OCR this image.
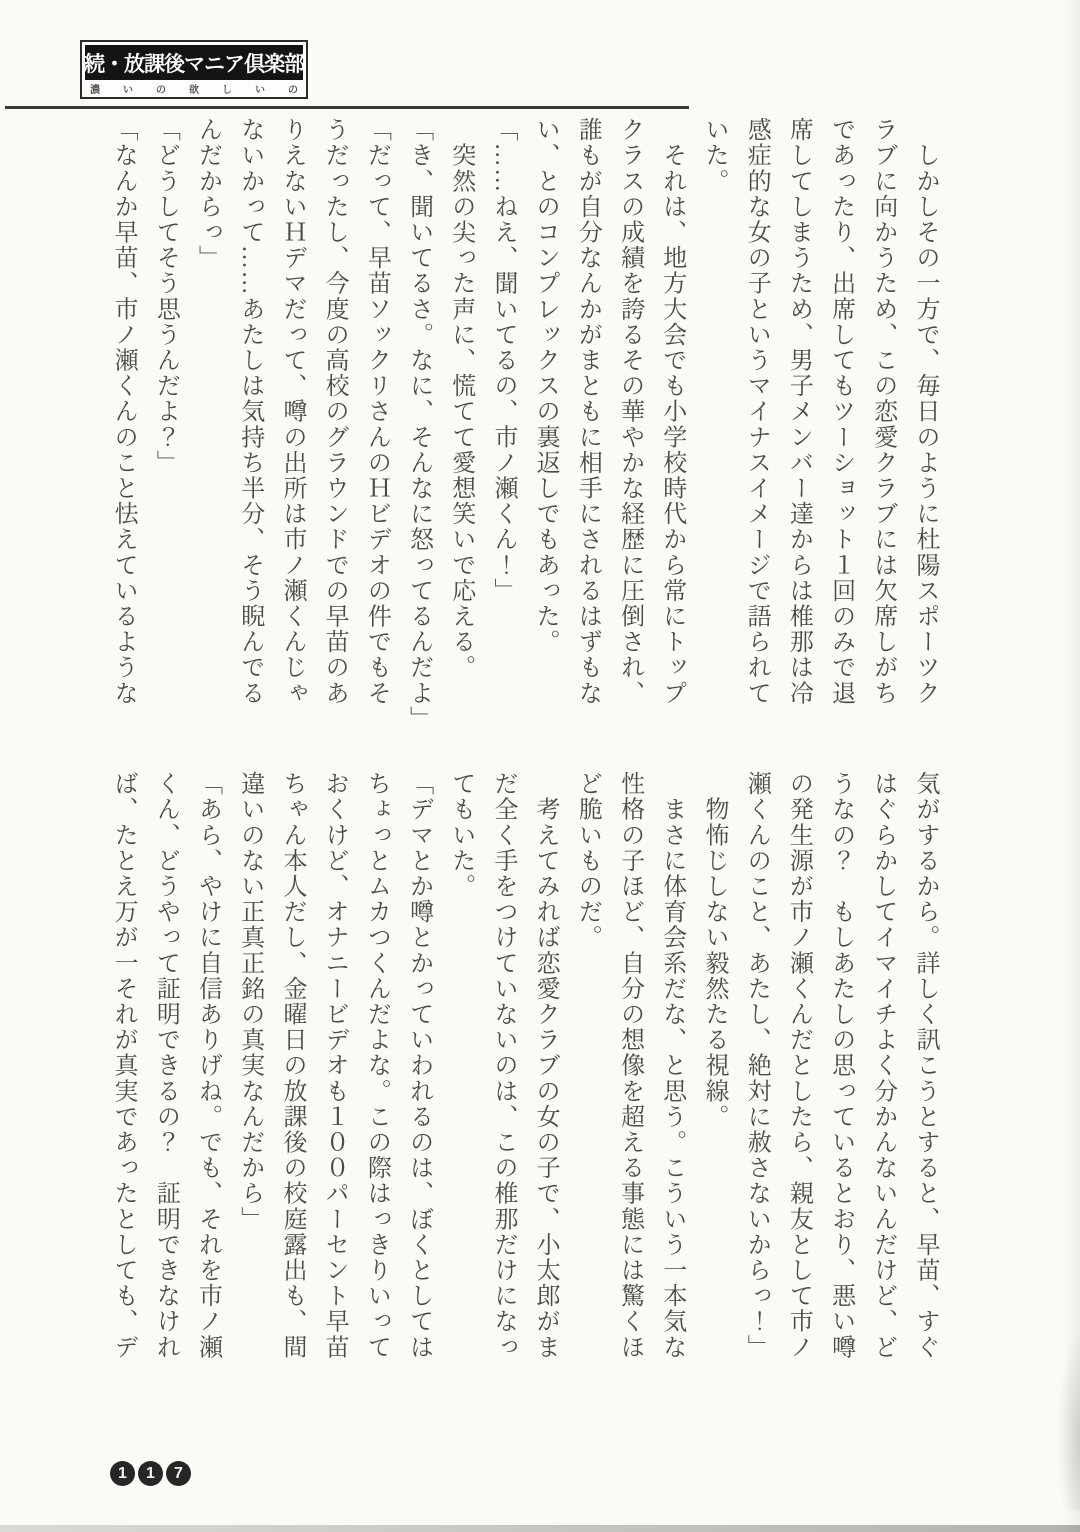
続・放課後マニア倶楽部
濃 い の 欲 し い の
　しかしその一方で、毎日のように杜陽スポーツク
ラブに向かうため、この恋愛クラブには欠席しがち
であったり、出席してもツーショット１回のみで退
席してしまうため、男子メンバー達からは椎那は冷
感症的な女の子というマイナスイメージで語られて
いた。
　それは、地方大会でも小学校時代から常にトップ
クラスの成績を誇るその華やかな経歴に圧倒され、
誰もが自分なんかがまともに相手にされるはずもな
い、とのコンプレックスの裏返しでもあった。
「……ねえ、聞いてるの、市ノ瀬くん！」
　突然の尖った声に、慌てて愛想笑いで応える。
「き、聞いてるさ。なに、そんなに怒ってるんだよ」
「だって、早苗ソックリさんのＨビデオの件でもそ
うだったし、今度の高校のグラウンドでの早苗のあ
りえないＨデマだって、噂の出所は市ノ瀬くんじゃ
ないかって……あたしは気持ち半分、そう睨んでる
んだからっ」
「どうしてそう思うんだよ？」
「なんか早苗、市ノ瀬くんのこと怯えているような
気がするから。詳しく訊こうとすると、早苗、すぐ
はぐらかしてイマイチよく分かんないんだけど、ど
うなの？　もしあたしの思っているとおり、悪い噂
の発生源が市ノ瀬くんだとしたら、親友として市ノ
瀬くんのこと、あたし、絶対に赦さないからっ！」
　物怖じしない毅然たる視線。
　まさに体育会系だな、と思う。こういう一本気な
性格の子ほど、自分の想像を超える事態には驚くほ
ど脆いものだ。
　考えてみれば恋愛クラブの女の子で、小太郎がま
だ全く手をつけていないのは、この椎那だけになっ
てもいた。
「デマとか噂とかっていわれるのは、ぼくとしては
ちょっとムカつくんだよな。この際はっきりいって
おくけど、オナニービデオも１００パーセント早苗
ちゃん本人だし、金曜日の放課後の校庭露出も、間
違いのない正真正銘の真実なんだから」
「あら、やけに自信ありげね。でも、それを市ノ瀬
くん、どうやって証明できるの？　証明できなけれ
ば、たとえ万が一それが真実であったとしても、デ
1	1	7
